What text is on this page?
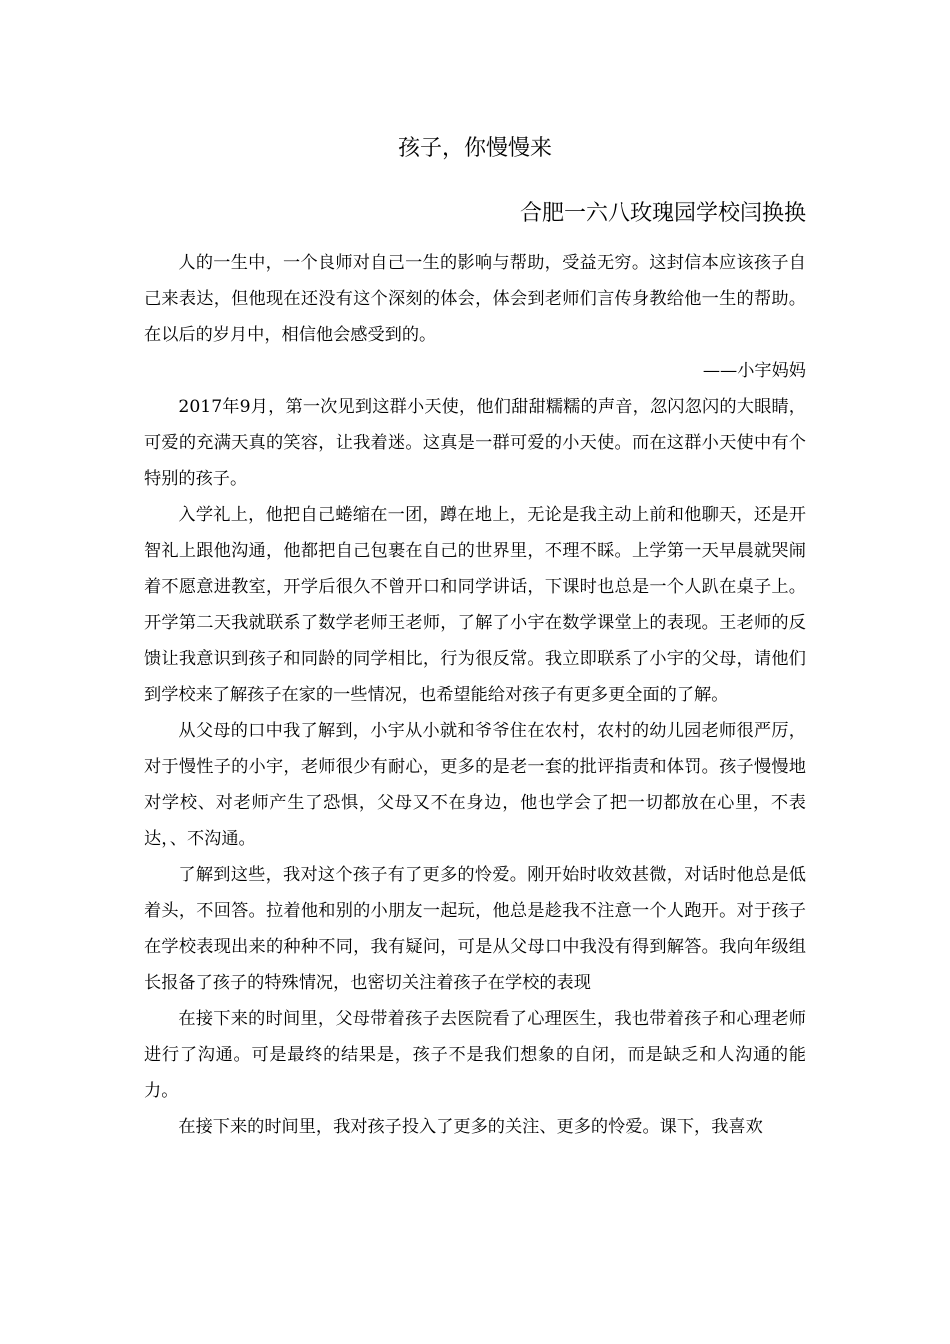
孩子，你慢慢来
合肥一六八玫瑰园学校闫换换

人的一生中，一个良师对自己一生的影响与帮助，受益无穷。这封信本应该孩子自己来表达，但他现在还没有这个深刻的体会，体会到老师们言传身教给他一生的帮助。在以后的岁月中，相信他会感受到的。

——小宇妈妈

2017年9月，第一次见到这群小天使，他们甜甜糯糯的声音，忽闪忽闪的大眼睛，可爱的充满天真的笑容，让我着迷。这真是一群可爱的小天使。而在这群小天使中有个特别的孩子。

入学礼上，他把自己蜷缩在一团，蹲在地上，无论是我主动上前和他聊天，还是开智礼上跟他沟通，他都把自己包裹在自己的世界里，不理不睬。上学第一天早晨就哭闹着不愿意进教室，开学后很久不曾开口和同学讲话，下课时也总是一个人趴在桌子上。开学第二天我就联系了数学老师王老师，了解了小宇在数学课堂上的表现。王老师的反馈让我意识到孩子和同龄的同学相比，行为很反常。我立即联系了小宇的父母，请他们到学校来了解孩子在家的一些情况，也希望能给对孩子有更多更全面的了解。

从父母的口中我了解到，小宇从小就和爷爷住在农村，农村的幼儿园老师很严厉，对于慢性子的小宇，老师很少有耐心，更多的是老一套的批评指责和体罚。孩子慢慢地对学校、对老师产生了恐惧，父母又不在身边，他也学会了把一切都放在心里，不表达，、不沟通。

了解到这些，我对这个孩子有了更多的怜爱。刚开始时收效甚微，对话时他总是低着头，不回答。拉着他和别的小朋友一起玩，他总是趁我不注意一个人跑开。对于孩子在学校表现出来的种种不同，我有疑问，可是从父母口中我没有得到解答。我向年级组长报备了孩子的特殊情况，也密切关注着孩子在学校的表现

在接下来的时间里，父母带着孩子去医院看了心理医生，我也带着孩子和心理老师进行了沟通。可是最终的结果是，孩子不是我们想象的自闭，而是缺乏和人沟通的能力。

在接下来的时间里，我对孩子投入了更多的关注、更多的怜爱。课下，我喜欢
